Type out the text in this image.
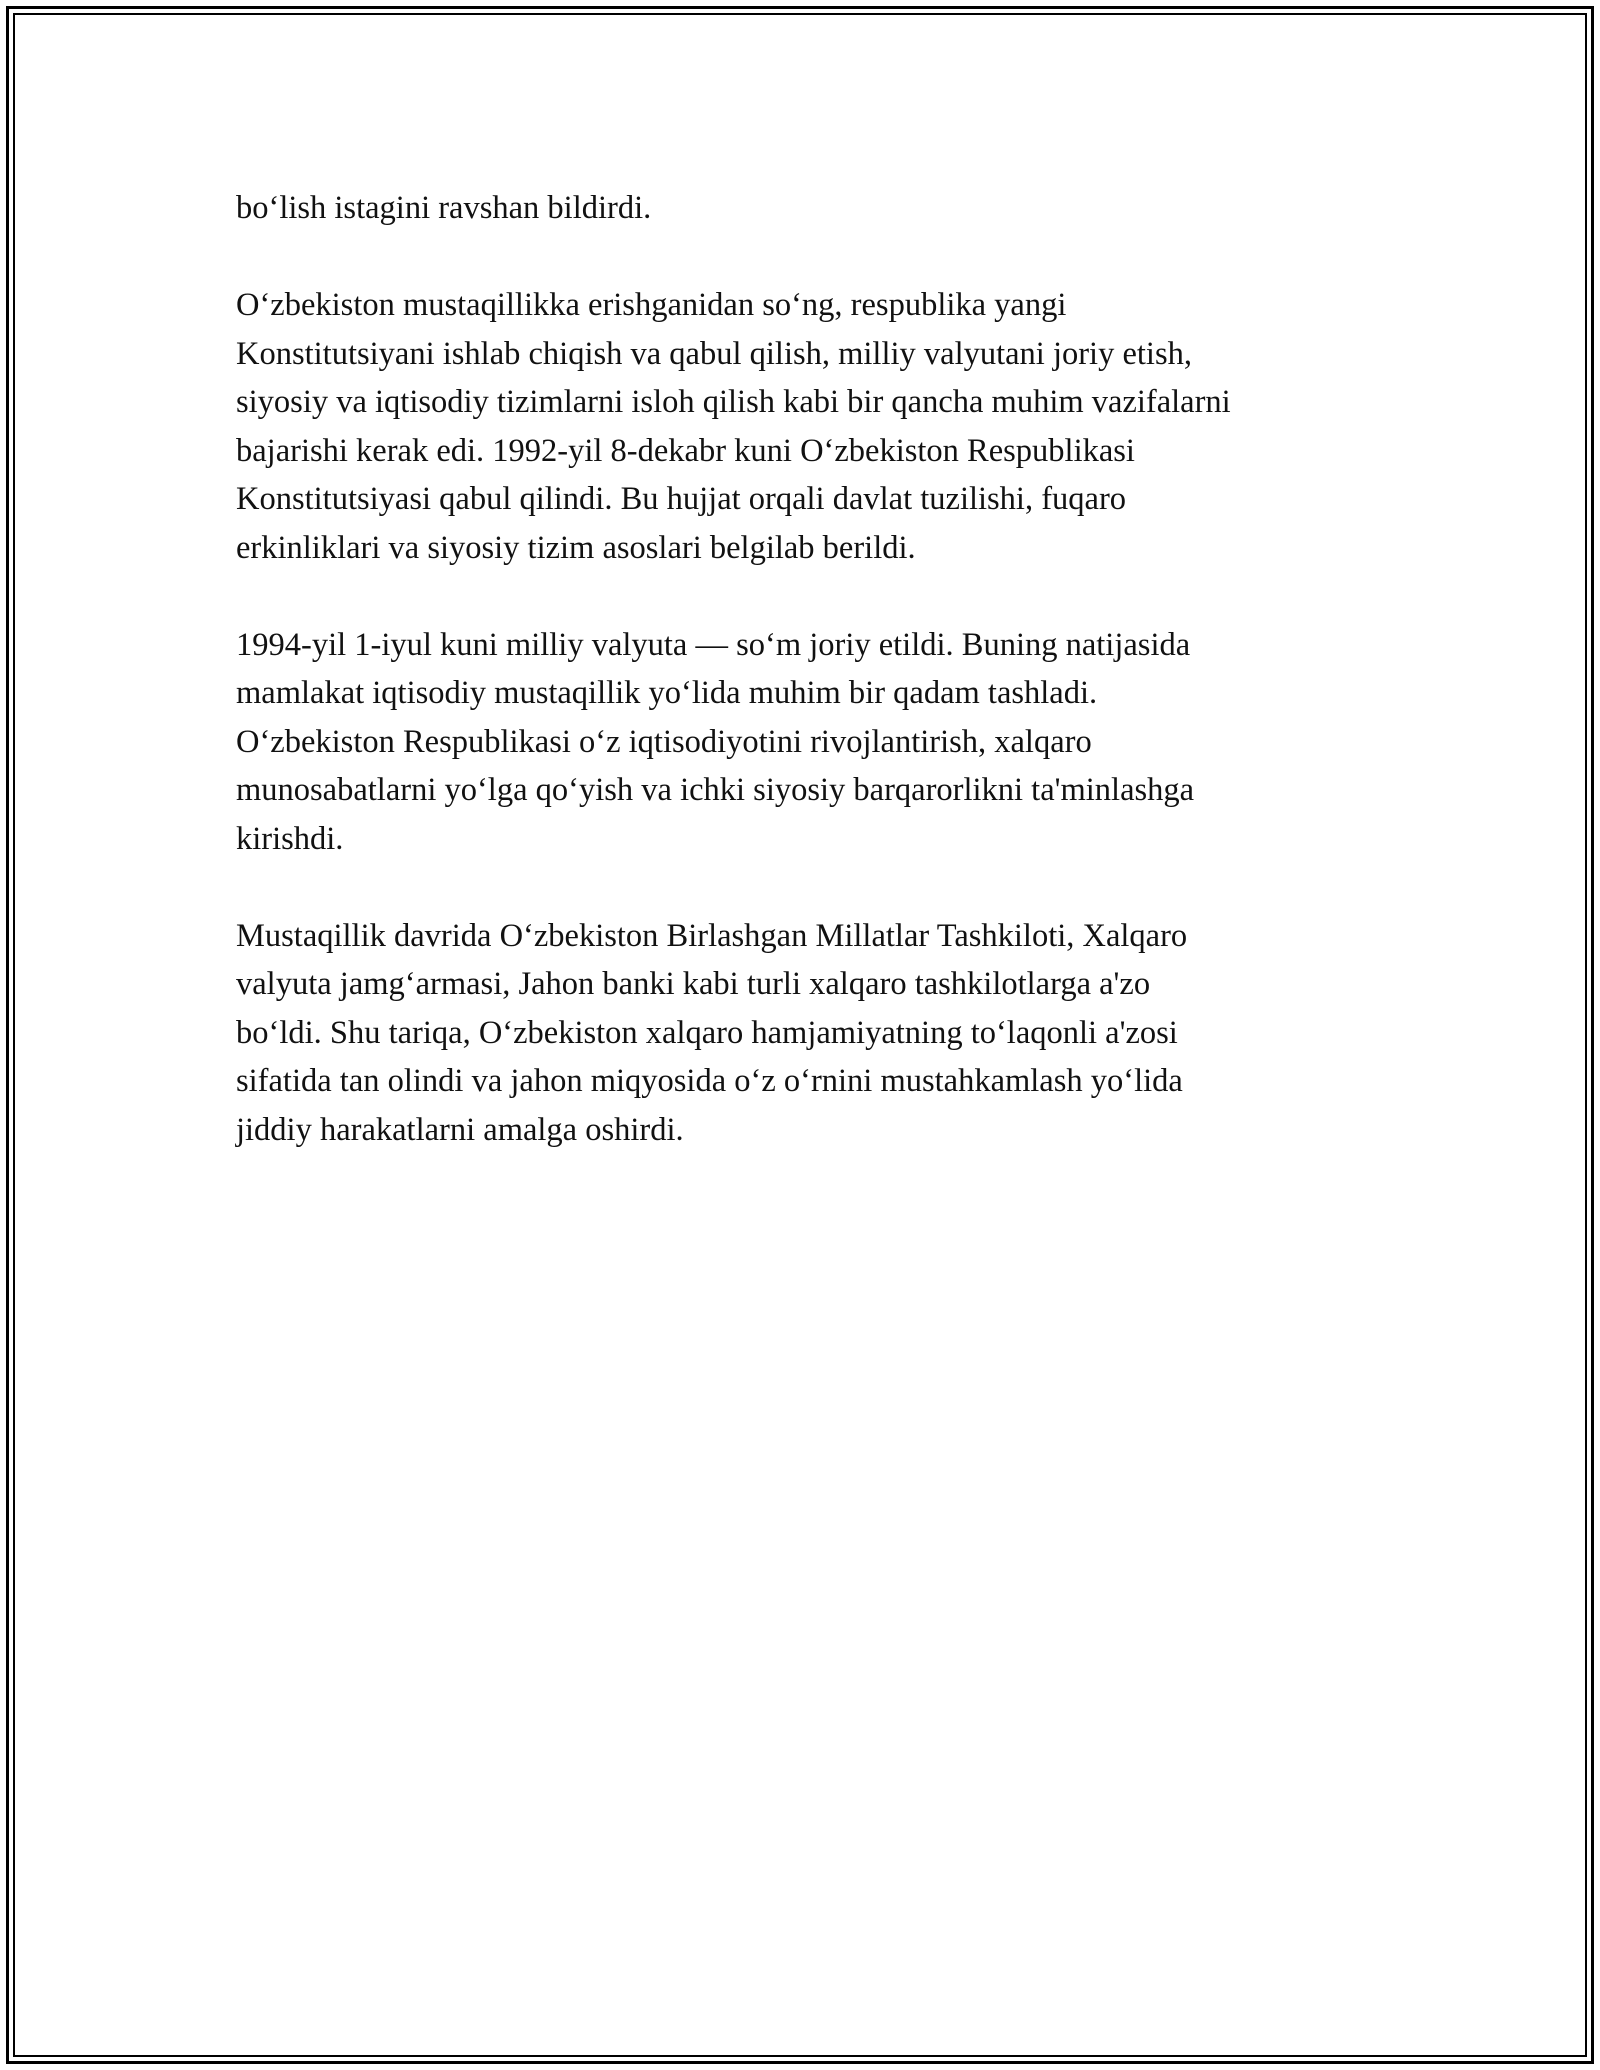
bo‘lish istagini ravshan bildirdi.

O‘zbekiston mustaqillikka erishganidan so‘ng, respublika yangi
Konstitutsiyani ishlab chiqish va qabul qilish, milliy valyutani joriy etish,
siyosiy va iqtisodiy tizimlarni isloh qilish kabi bir qancha muhim vazifalarni
bajarishi kerak edi. 1992-yil 8-dekabr kuni O‘zbekiston Respublikasi
Konstitutsiyasi qabul qilindi. Bu hujjat orqali davlat tuzilishi, fuqaro
erkinliklari va siyosiy tizim asoslari belgilab berildi.

1994-yil 1-iyul kuni milliy valyuta — so‘m joriy etildi. Buning natijasida
mamlakat iqtisodiy mustaqillik yo‘lida muhim bir qadam tashladi.
O‘zbekiston Respublikasi o‘z iqtisodiyotini rivojlantirish, xalqaro
munosabatlarni yo‘lga qo‘yish va ichki siyosiy barqarorlikni ta'minlashga
kirishdi.

Mustaqillik davrida O‘zbekiston Birlashgan Millatlar Tashkiloti, Xalqaro
valyuta jamg‘armasi, Jahon banki kabi turli xalqaro tashkilotlarga a'zo
bo‘ldi. Shu tariqa, O‘zbekiston xalqaro hamjamiyatning to‘laqonli a'zosi
sifatida tan olindi va jahon miqyosida o‘z o‘rnini mustahkamlash yo‘lida
jiddiy harakatlarni amalga oshirdi.
